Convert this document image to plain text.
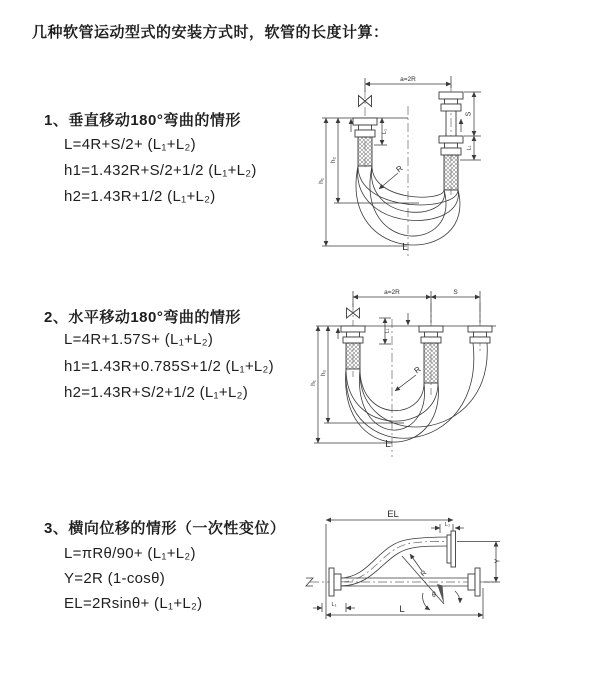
几种软管运动型式的安装方式时，软管的长度计算：
1、垂直移动180°弯曲的情形
L=4R+S/2+ (L₁+L₂)
h1=1.432R+S/2+1/2 (L₁+L₂)
h2=1.43R+1/2 (L₁+L₂)
2、水平移动180°弯曲的情形
L=4R+1.57S+ (L₁+L₂)
h1=1.43R+0.785S+1/2 (L₁+L₂)
h2=1.43R+S/2+1/2 (L₁+L₂)
3、横向位移的情形（一次性变位）
L=πRθ/90+ (L₁+L₂)
Y=2R (1-cosθ)
EL=2Rsinθ+ (L₁+L₂)
a=2R
h₁
h₂
L₁
S
L₁
R
L
a=2R	S
h₁
h₂
L₁
R
L
EL
L₁
Y
R
θ
L
L₁
